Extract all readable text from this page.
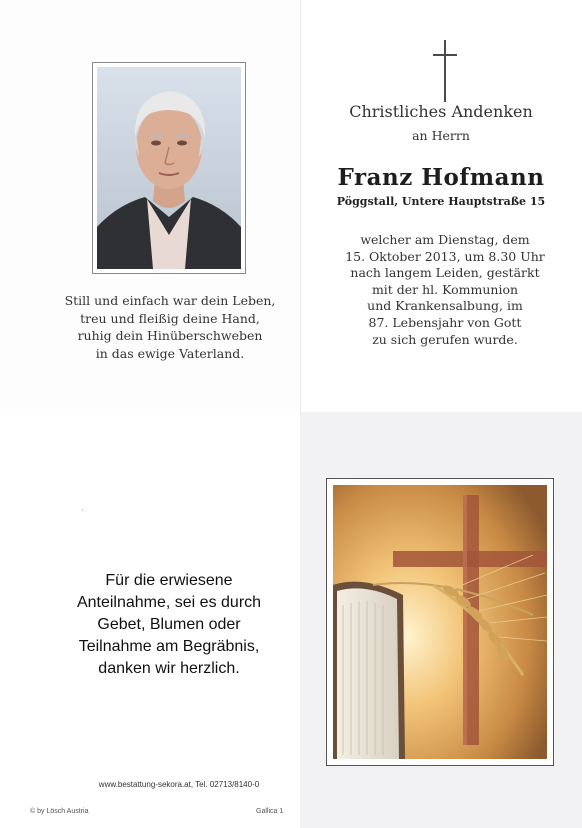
Still und einfach war dein Leben,
treu und fleißig deine Hand,
ruhig dein Hinüberschweben
in das ewige Vaterland.
Christliches Andenken
an Herrn
Franz Hofmann
Pöggstall, Untere Hauptstraße 15
welcher am Dienstag, dem
15. Oktober 2013, um 8.30 Uhr
nach langem Leiden, gestärkt
mit der hl. Kommunion
und Krankensalbung, im
87. Lebensjahr von Gott
zu sich gerufen wurde.
'
Für die erwiesene
Anteilnahme, sei es durch
Gebet, Blumen oder
Teilnahme am Begräbnis,
danken wir herzlich.
www.bestattung-sekora.at, Tel. 02713/8140-0
© by Lösch Austria	Gallica 1
